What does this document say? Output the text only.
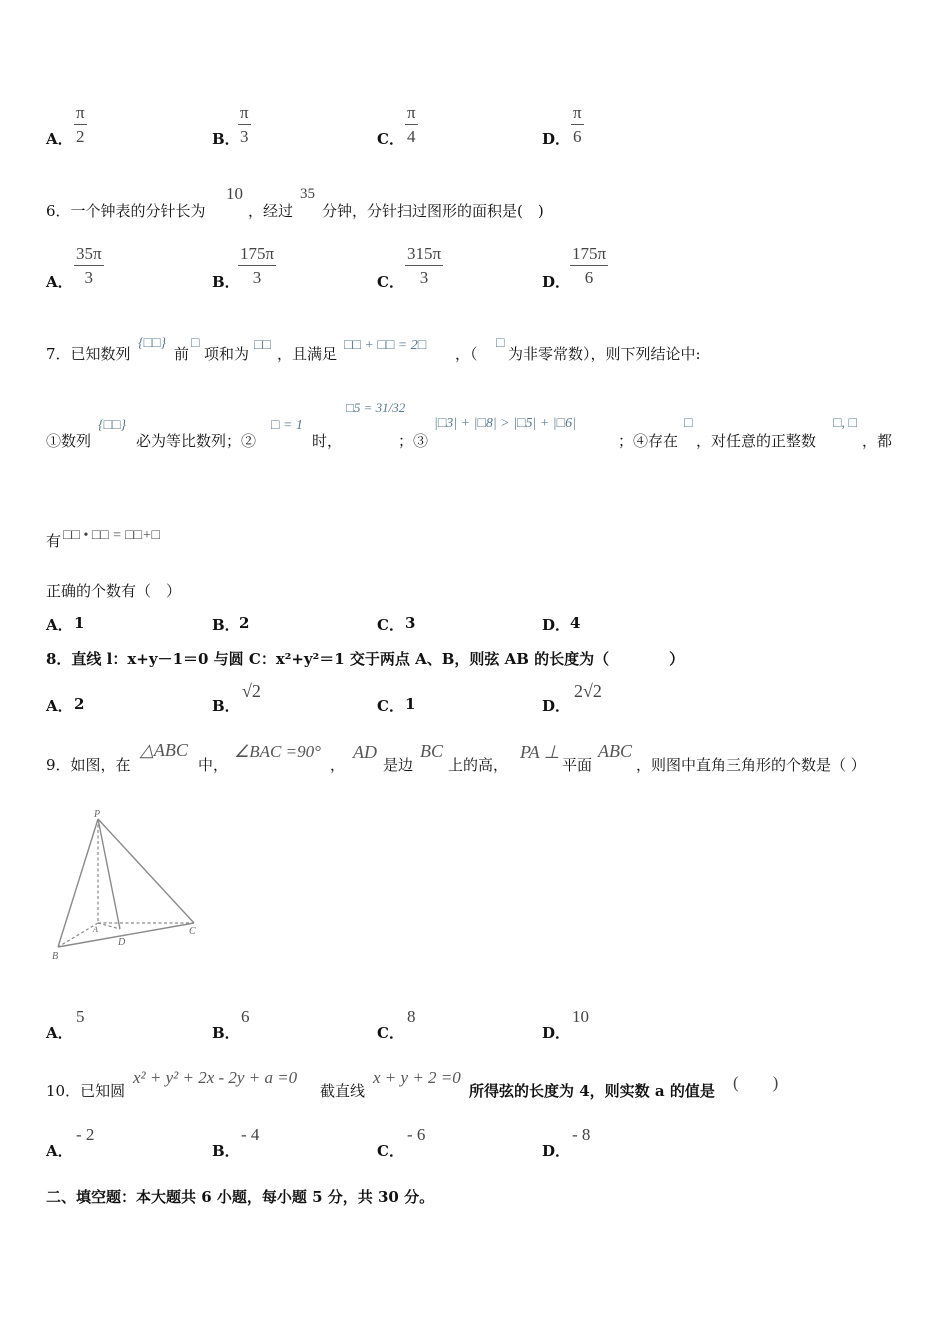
A． $\frac{\pi}{2}$	B．
$\frac{\pi}{3}$	C． $\frac{\pi}{4}$	D． $\frac{\pi}{6}$
6．一个钟表的分针长为
10
，经过
35
分钟，分针扫过图形的面积是(　)
A． $\frac{35\pi}{3}$	B．
$\frac{175\pi}{3}$	C． $\frac{315\pi}{3}$	D． $\frac{175\pi}{6}$
7．已知数列
{□□}
前
□
项和为 □□ ，且满足 □□ + □□ = 2□ ，（
□
为非零常数），则下列结论中:
①数列
{□□}
必为等比数列；②
□ = 1
时，
□5 = 31/32
；③
|□3| + |□8| > |□5| + |□6|
；④存在
□
，对任意的正整数
□, □
，都
有 □□ • □□ = □□+□
正确的个数有（　）
A． 1	B． 2	C． 3	D． 4
8．直线 l：x+y－1＝0 与圆 C：x²+y²＝1 交于两点 A、B，则弦 AB 的长度为（　　　　）
A． 2	B．
√2
C． 1	D．
2√2
9．如图，在
△ABC
中，
∠BAC =90°
，
AD
是边
BC
上的高，
PA ⊥
平面
ABC
，则图中直角三角形的个数是（ ）
P
A
B
C
D
A．
5
B．
6
C．
8
D．
10
10．已知圆
x² + y² + 2x - 2y + a =0
截直线
x + y + 2 =0
所得弦的长度为 4，则实数 a 的值是 (　　)
A．
- 2
B．
- 4
C．
- 6
D．
- 8
二、填空题：本大题共 6 小题，每小题 5 分，共 30 分。
